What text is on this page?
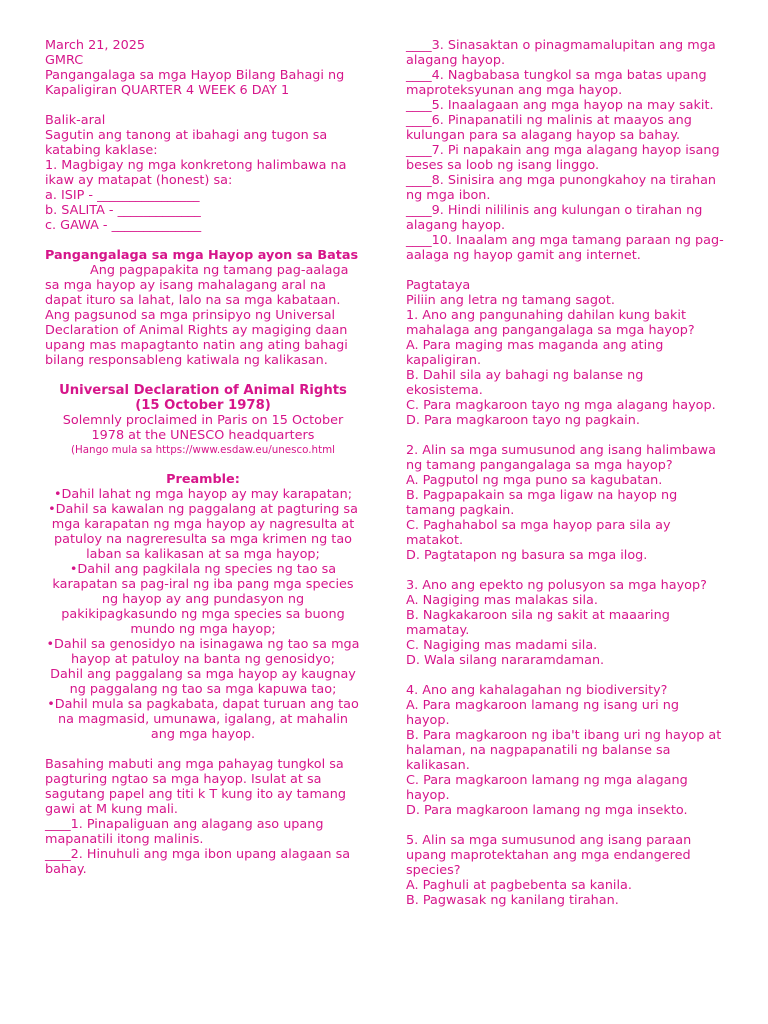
March 21, 2025

GMRC

Pangangalaga sa mga Hayop Bilang Bahagi ng Kapaligiran QUARTER 4 WEEK 6 DAY 1

Balik-aral

Sagutin ang tanong at ibahagi ang tugon sa katabing kaklase:

1. Magbigay ng mga konkretong halimbawa na ikaw ay matapat (honest) sa:

a. ISIP - ________________

b. SALITA - _____________

c. GAWA - ______________

Pangangalaga sa mga Hayop ayon sa Batas

Ang pagpapakita ng tamang pag-aalaga sa mga hayop ay isang mahalagang aral na dapat ituro sa lahat, lalo na sa mga kabataan. Ang pagsunod sa mga prinsipyo ng Universal Declaration of Animal Rights ay magiging daan upang mas mapagtanto natin ang ating bahagi bilang responsableng katiwala ng kalikasan.

Universal Declaration of Animal Rights (15 October 1978)

Solemnly proclaimed in Paris on 15 October 1978 at the UNESCO headquarters

(Hango mula sa https://www.esdaw.eu/unesco.html

Preamble:

•Dahil lahat ng mga hayop ay may karapatan;

•Dahil sa kawalan ng paggalang at pagturing sa mga karapatan ng mga hayop ay nagresulta at patuloy na nagreresulta sa mga krimen ng tao laban sa kalikasan at sa mga hayop;

•Dahil ang pagkilala ng species ng tao sa karapatan sa pag-iral ng iba pang mga species ng hayop ay ang pundasyon ng pakikipagkasundo ng mga species sa buong mundo ng mga hayop;

•Dahil sa genosidyo na isinagawa ng tao sa mga hayop at patuloy na banta ng genosidyo;

Dahil ang paggalang sa mga hayop ay kaugnay ng paggalang ng tao sa mga kapuwa tao;

•Dahil mula sa pagkabata, dapat turuan ang tao na magmasid, umunawa, igalang, at mahalin ang mga hayop.

Basahing mabuti ang mga pahayag tungkol sa pagturing ngtao sa mga hayop. Isulat at sa sagutang papel ang titi k T kung ito ay tamang gawi at M kung mali.

____1. Pinapaliguan ang alagang aso upang mapanatili itong malinis.

____2. Hinuhuli ang mga ibon upang alagaan sa bahay.

____3. Sinasaktan o pinagmamalupitan ang mga alagang hayop.

____4. Nagbabasa tungkol sa mga batas upang maproteksyunan ang mga hayop.

____5. Inaalagaan ang mga hayop na may sakit.

____6. Pinapanatili ng malinis at maayos ang kulungan para sa alagang hayop sa bahay.

____7. Pi napakain ang mga alagang hayop isang beses sa loob ng isang linggo.

____8. Sinisira ang mga punongkahoy na tirahan ng mga ibon.

____9. Hindi nililinis ang kulungan o tirahan ng alagang hayop.

____10. Inaalam ang mga tamang paraan ng pag-aalaga ng hayop gamit ang internet.

Pagtataya

Piliin ang letra ng tamang sagot.

1. Ano ang pangunahing dahilan kung bakit mahalaga ang pangangalaga sa mga hayop?

A. Para maging mas maganda ang ating kapaligiran.

B. Dahil sila ay bahagi ng balanse ng ekosistema.

C. Para magkaroon tayo ng mga alagang hayop.

D. Para magkaroon tayo ng pagkain.

2. Alin sa mga sumusunod ang isang halimbawa ng tamang pangangalaga sa mga hayop?

A. Pagputol ng mga puno sa kagubatan.

B. Pagpapakain sa mga ligaw na hayop ng tamang pagkain.

C. Paghahabol sa mga hayop para sila ay matakot.

D. Pagtatapon ng basura sa mga ilog.

3. Ano ang epekto ng polusyon sa mga hayop?

A. Nagiging mas malakas sila.

B. Nagkakaroon sila ng sakit at maaaring mamatay.

C. Nagiging mas madami sila.

D. Wala silang nararamdaman.

4. Ano ang kahalagahan ng biodiversity?

A. Para magkaroon lamang ng isang uri ng hayop.

B. Para magkaroon ng iba't ibang uri ng hayop at halaman, na nagpapanatili ng balanse sa kalikasan.

C. Para magkaroon lamang ng mga alagang hayop.

D. Para magkaroon lamang ng mga insekto.

5. Alin sa mga sumusunod ang isang paraan upang maprotektahan ang mga endangered species?

A. Paghuli at pagbebenta sa kanila.

B. Pagwasak ng kanilang tirahan.
